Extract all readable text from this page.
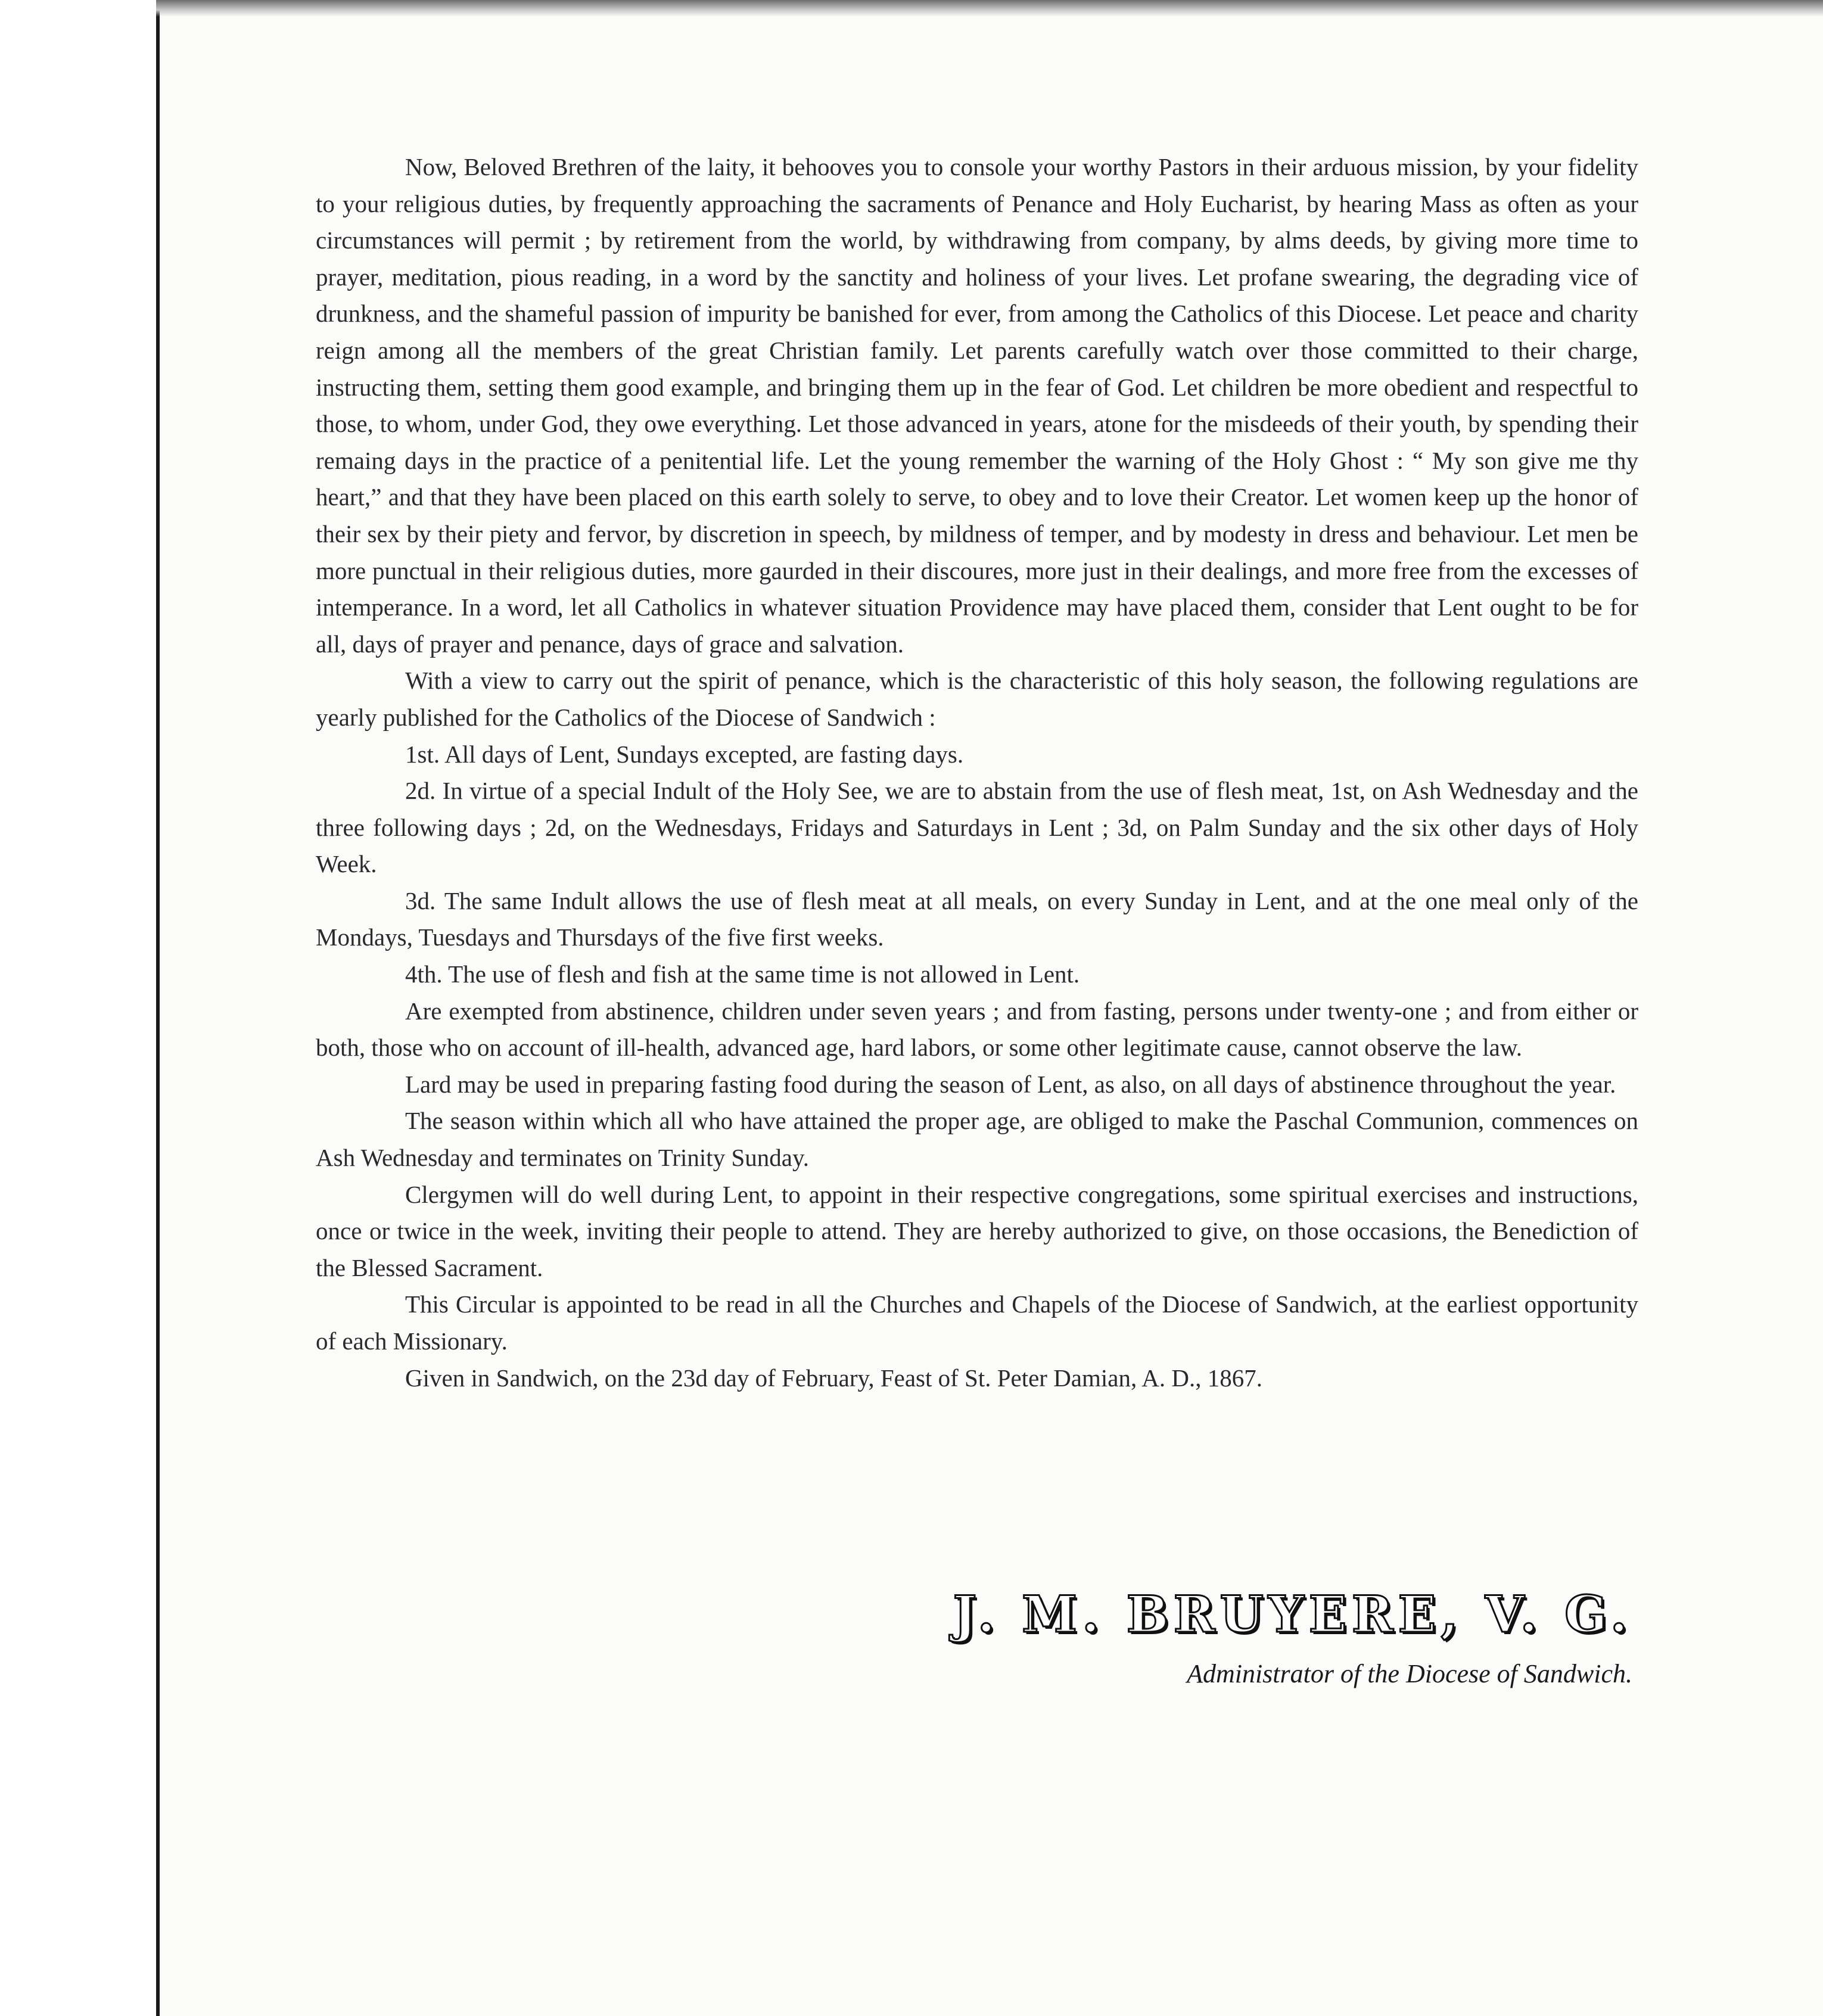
Now, Beloved Brethren of the laity, it behooves you to console your worthy Pastors in their arduous mission, by your fidelity to your religious duties, by frequently approaching the sacraments of Penance and Holy Eucharist, by hearing Mass as often as your circumstances will permit ; by retirement from the world, by withdrawing from company, by alms deeds, by giving more time to prayer, meditation, pious reading, in a word by the sanctity and holiness of your lives. Let profane swearing, the degrading vice of drunkness, and the shameful passion of impurity be banished for ever, from among the Catholics of this Diocese. Let peace and charity reign among all the members of the great Christian family. Let parents carefully watch over those committed to their charge, instructing them, setting them good example, and bringing them up in the fear of God. Let children be more obedient and respectful to those, to whom, under God, they owe everything. Let those advanced in years, atone for the misdeeds of their youth, by spending their remaing days in the practice of a penitential life. Let the young remember the warning of the Holy Ghost : “ My son give me thy heart,” and that they have been placed on this earth solely to serve, to obey and to love their Creator. Let women keep up the honor of their sex by their piety and fervor, by discretion in speech, by mildness of temper, and by modesty in dress and behaviour. Let men be more punctual in their religious duties, more gaurded in their discoures, more just in their dealings, and more free from the excesses of intemperance. In a word, let all Catholics in whatever situation Providence may have placed them, consider that Lent ought to be for all, days of prayer and penance, days of grace and salvation.

With a view to carry out the spirit of penance, which is the characteristic of this holy season, the following regulations are yearly published for the Catholics of the Diocese of Sandwich :

1st. All days of Lent, Sundays excepted, are fasting days.

2d. In virtue of a special Indult of the Holy See, we are to abstain from the use of flesh meat, 1st, on Ash Wednesday and the three following days ; 2d, on the Wednesdays, Fridays and Saturdays in Lent ; 3d, on Palm Sunday and the six other days of Holy Week.

3d. The same Indult allows the use of flesh meat at all meals, on every Sunday in Lent, and at the one meal only of the Mondays, Tuesdays and Thursdays of the five first weeks.

4th. The use of flesh and fish at the same time is not allowed in Lent.

Are exempted from abstinence, children under seven years ; and from fasting, persons under twenty-one ; and from either or both, those who on account of ill-health, advanced age, hard labors, or some other legitimate cause, cannot observe the law.

Lard may be used in preparing fasting food during the season of Lent, as also, on all days of abstinence throughout the year.

The season within which all who have attained the proper age, are obliged to make the Paschal Communion, commences on Ash Wednesday and terminates on Trinity Sunday.

Clergymen will do well during Lent, to appoint in their respective congregations, some spiritual exercises and instructions, once or twice in the week, inviting their people to attend. They are hereby authorized to give, on those occasions, the Benediction of the Blessed Sacrament.

This Circular is appointed to be read in all the Churches and Chapels of the Diocese of Sandwich, at the earliest opportunity of each Missionary.

Given in Sandwich, on the 23d day of February, Feast of St. Peter Damian, A. D., 1867.

J. M. BRUYERE, V. G.
Administrator of the Diocese of Sandwich.
